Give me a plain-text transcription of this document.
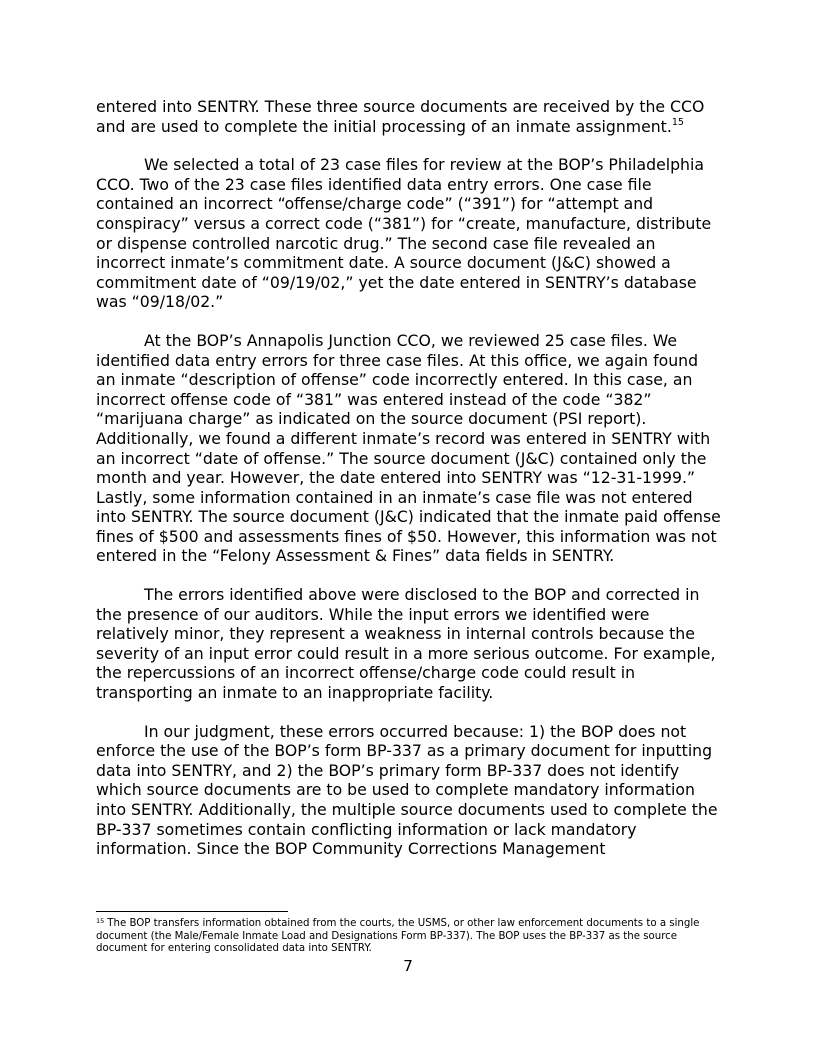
entered into SENTRY. These three source documents are received by the CCO and are used to complete the initial processing of an inmate assignment.$^{15}$

We selected a total of 23 case files for review at the BOP’s Philadelphia CCO. Two of the 23 case files identified data entry errors. One case file contained an incorrect “offense/charge code” (“391”) for “attempt and conspiracy” versus a correct code (“381”) for “create, manufacture, distribute or dispense controlled narcotic drug.” The second case file revealed an incorrect inmate’s commitment date. A source document (J&C) showed a commitment date of “09/19/02,” yet the date entered in SENTRY’s database was “09/18/02.”

At the BOP’s Annapolis Junction CCO, we reviewed 25 case files. We identified data entry errors for three case files. At this office, we again found an inmate “description of offense” code incorrectly entered. In this case, an incorrect offense code of “381” was entered instead of the code “382” “marijuana charge” as indicated on the source document (PSI report). Additionally, we found a different inmate’s record was entered in SENTRY with an incorrect “date of offense.” The source document (J&C) contained only the month and year. However, the date entered into SENTRY was “12-31-1999.” Lastly, some information contained in an inmate’s case file was not entered into SENTRY. The source document (J&C) indicated that the inmate paid offense fines of $500 and assessments fines of $50. However, this information was not entered in the “Felony Assessment & Fines” data fields in SENTRY.

The errors identified above were disclosed to the BOP and corrected in the presence of our auditors. While the input errors we identified were relatively minor, they represent a weakness in internal controls because the severity of an input error could result in a more serious outcome. For example, the repercussions of an incorrect offense/charge code could result in transporting an inmate to an inappropriate facility.

In our judgment, these errors occurred because: 1) the BOP does not enforce the use of the BOP’s form BP-337 as a primary document for inputting data into SENTRY, and 2) the BOP’s primary form BP-337 does not identify which source documents are to be used to complete mandatory information into SENTRY. Additionally, the multiple source documents used to complete the BP-337 sometimes contain conflicting information or lack mandatory information. Since the BOP Community Corrections Management

$^{15}$ The BOP transfers information obtained from the courts, the USMS, or other law enforcement documents to a single document (the Male/Female Inmate Load and Designations Form BP-337). The BOP uses the BP-337 as the source document for entering consolidated data into SENTRY.
7
